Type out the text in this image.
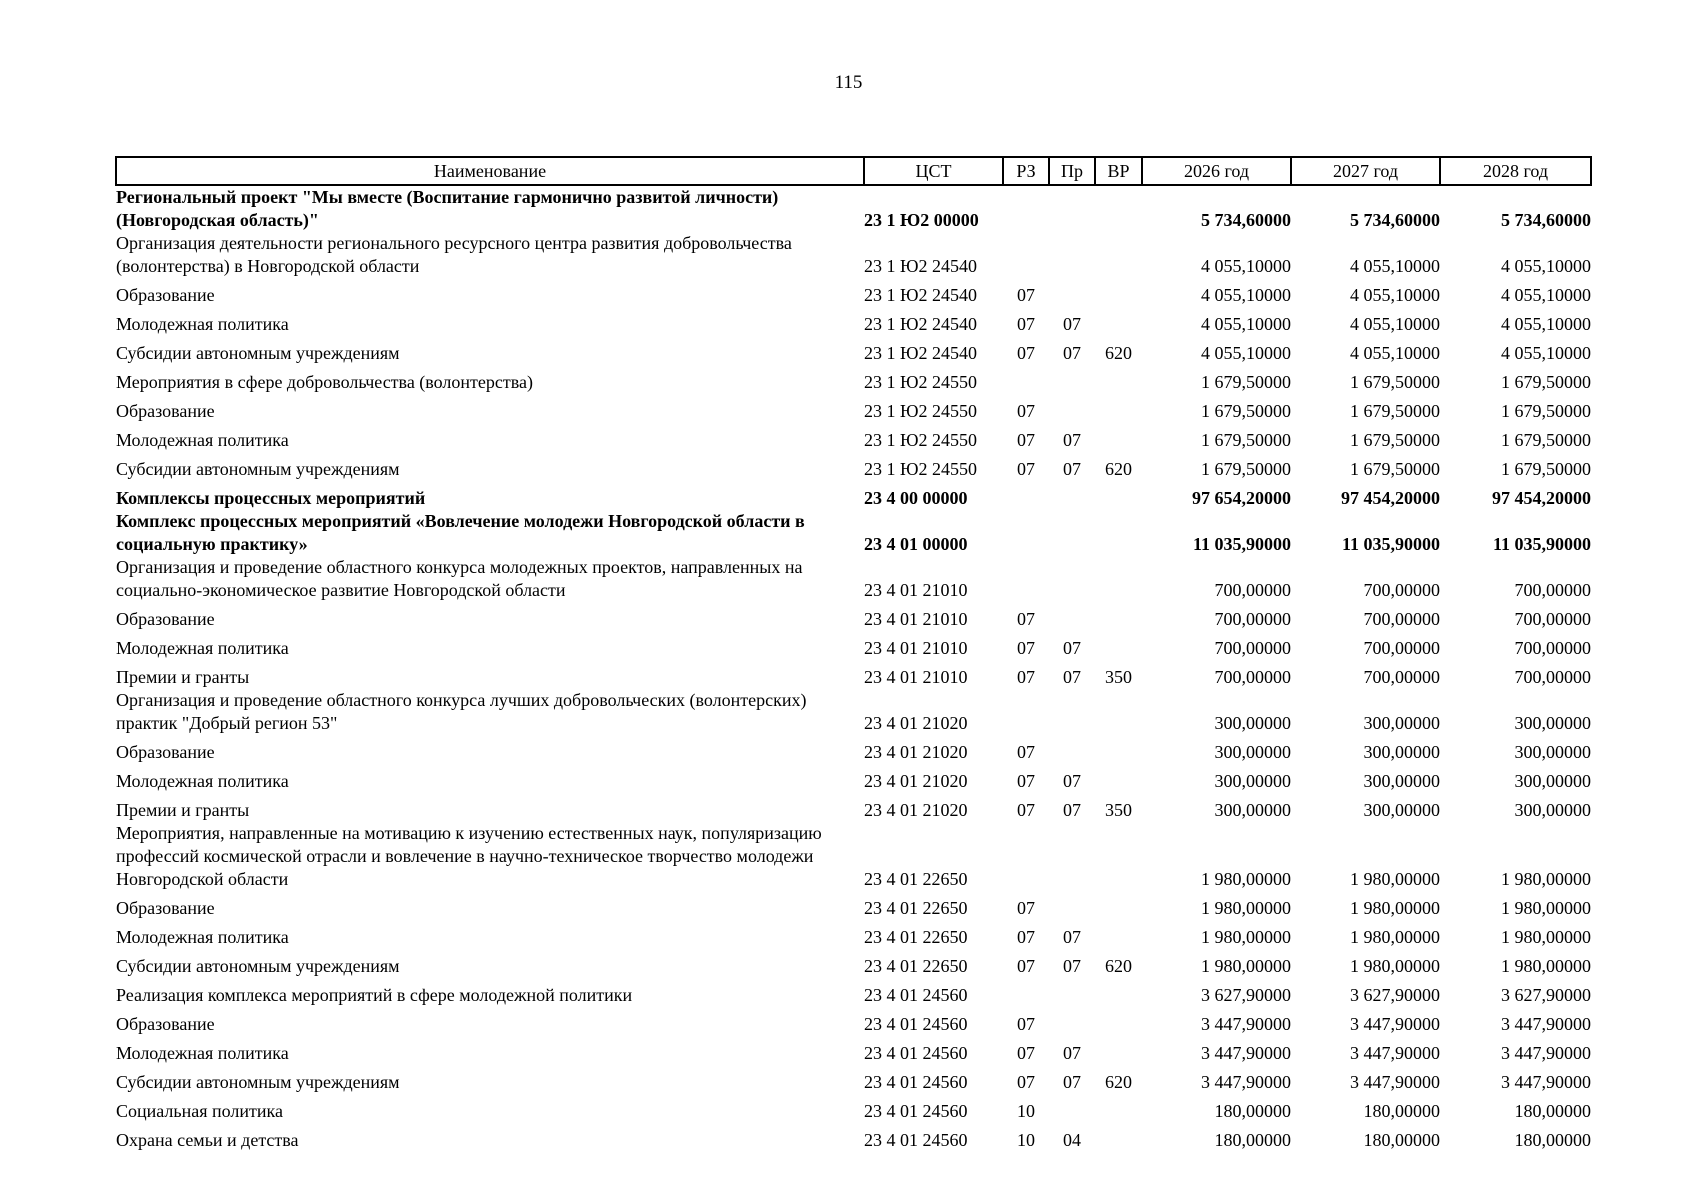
115
Наименование	ЦСТ	РЗ	Пр	ВР	2026 год	2027 год	2028 год
Региональный проект "Мы вместе (Воспитание гармонично развитой личности) (Новгородская область)"	23 1 Ю2 00000				5 734,60000	5 734,60000	5 734,60000
Организация деятельности регионального ресурсного центра развития добровольчества (волонтерства) в Новгородской области	23 1 Ю2 24540				4 055,10000	4 055,10000	4 055,10000
Образование	23 1 Ю2 24540	07			4 055,10000	4 055,10000	4 055,10000
Молодежная политика	23 1 Ю2 24540	07	07		4 055,10000	4 055,10000	4 055,10000
Субсидии автономным учреждениям	23 1 Ю2 24540	07	07	620	4 055,10000	4 055,10000	4 055,10000
Мероприятия в сфере добровольчества (волонтерства)	23 1 Ю2 24550				1 679,50000	1 679,50000	1 679,50000
Образование	23 1 Ю2 24550	07			1 679,50000	1 679,50000	1 679,50000
Молодежная политика	23 1 Ю2 24550	07	07		1 679,50000	1 679,50000	1 679,50000
Субсидии автономным учреждениям	23 1 Ю2 24550	07	07	620	1 679,50000	1 679,50000	1 679,50000
Комплексы процессных мероприятий	23 4 00 00000				97 654,20000	97 454,20000	97 454,20000
Комплекс процессных мероприятий «Вовлечение молодежи Новгородской области в социальную практику»	23 4 01 00000				11 035,90000	11 035,90000	11 035,90000
Организация и проведение областного конкурса молодежных проектов, направленных на социально-экономическое развитие Новгородской области	23 4 01 21010				700,00000	700,00000	700,00000
Образование	23 4 01 21010	07			700,00000	700,00000	700,00000
Молодежная политика	23 4 01 21010	07	07		700,00000	700,00000	700,00000
Премии и гранты	23 4 01 21010	07	07	350	700,00000	700,00000	700,00000
Организация и проведение областного конкурса лучших добровольческих (волонтерских) практик "Добрый регион 53"	23 4 01 21020				300,00000	300,00000	300,00000
Образование	23 4 01 21020	07			300,00000	300,00000	300,00000
Молодежная политика	23 4 01 21020	07	07		300,00000	300,00000	300,00000
Премии и гранты	23 4 01 21020	07	07	350	300,00000	300,00000	300,00000
Мероприятия, направленные на мотивацию к изучению естественных наук, популяризацию профессий космической отрасли и вовлечение в научно-техническое творчество молодежи Новгородской области	23 4 01 22650				1 980,00000	1 980,00000	1 980,00000
Образование	23 4 01 22650	07			1 980,00000	1 980,00000	1 980,00000
Молодежная политика	23 4 01 22650	07	07		1 980,00000	1 980,00000	1 980,00000
Субсидии автономным учреждениям	23 4 01 22650	07	07	620	1 980,00000	1 980,00000	1 980,00000
Реализация комплекса мероприятий в сфере молодежной политики	23 4 01 24560				3 627,90000	3 627,90000	3 627,90000
Образование	23 4 01 24560	07			3 447,90000	3 447,90000	3 447,90000
Молодежная политика	23 4 01 24560	07	07		3 447,90000	3 447,90000	3 447,90000
Субсидии автономным учреждениям	23 4 01 24560	07	07	620	3 447,90000	3 447,90000	3 447,90000
Социальная политика	23 4 01 24560	10			180,00000	180,00000	180,00000
Охрана семьи и детства	23 4 01 24560	10	04		180,00000	180,00000	180,00000
